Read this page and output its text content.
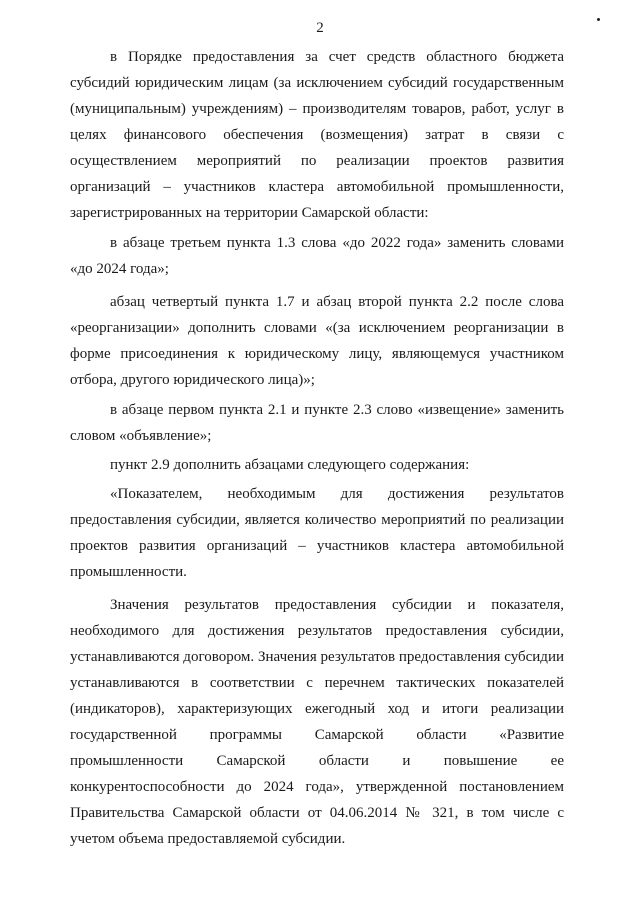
2

в Порядке предоставления за счет средств областного бюджета субсидий юридическим лицам (за исключением субсидий государственным (муниципальным) учреждениям) – производителям товаров, работ, услуг в целях финансового обеспечения (возмещения) затрат в связи с осуществлением мероприятий по реализации проектов развития организаций – участников кластера автомобильной промышленности, зарегистрированных на территории Самарской области:

в абзаце третьем пункта 1.3 слова «до 2022 года» заменить словами «до 2024 года»;

абзац четвертый пункта 1.7 и абзац второй пункта 2.2 после слова «реорганизации» дополнить словами «(за исключением реорганизации в форме присоединения к юридическому лицу, являющемуся участником отбора, другого юридического лица)»;

в абзаце первом пункта 2.1 и пункте 2.3 слово «извещение» заменить словом «объявление»;

пункт 2.9 дополнить абзацами следующего содержания:

«Показателем, необходимым для достижения результатов предоставления субсидии, является количество мероприятий по реализации проектов развития организаций – участников кластера автомобильной промышленности.

Значения результатов предоставления субсидии и показателя, необходимого для достижения результатов предоставления субсидии, устанавливаются договором. Значения результатов предоставления субсидии устанавливаются в соответствии с перечнем тактических показателей (индикаторов), характеризующих ежегодный ход и итоги реализации государственной программы Самарской области «Развитие промышленности Самарской области и повышение ее конкурентоспособности до 2024 года», утвержденной постановлением Правительства Самарской области от 04.06.2014 № 321, в том числе с учетом объема предоставляемой субсидии.
